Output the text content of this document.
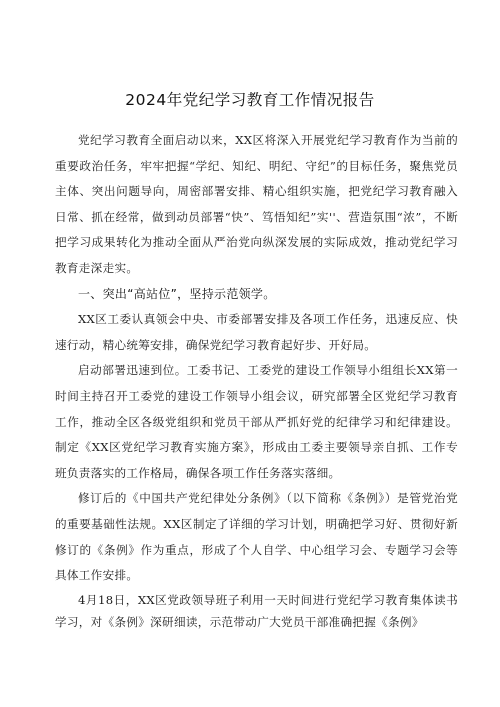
2024年党纪学习教育工作情况报告

党纪学习教育全面启动以来，XX区将深入开展党纪学习教育作为当前的重要政治任务，牢牢把握“学纪、知纪、明纪、守纪”的目标任务，聚焦党员主体、突出问题导向，周密部署安排、精心组织实施，把党纪学习教育融入日常、抓在经常，做到动员部署“快”、笃悟知纪”实''、营造氛围“浓”，不断把学习成果转化为推动全面从严治党向纵深发展的实际成效，推动党纪学习教育走深走实。

一、突出“高站位”，坚持示范领学。

XX区工委认真领会中央、市委部署安排及各项工作任务，迅速反应、快速行动，精心统筹安排，确保党纪学习教育起好步、开好局。

启动部署迅速到位。工委书记、工委党的建设工作领导小组组长XX第一时间主持召开工委党的建设工作领导小组会议，研究部署全区党纪学习教育工作，推动全区各级党组织和党员干部从严抓好党的纪律学习和纪律建设。制定《XX区党纪学习教育实施方案》，形成由工委主要领导亲自抓、工作专班负责落实的工作格局，确保各项工作任务落实落细。

修订后的《中国共产党纪律处分条例》（以下简称《条例》）是管党治党的重要基础性法规。XX区制定了详细的学习计划，明确把学习好、贯彻好新修订的《条例》作为重点，形成了个人自学、中心组学习会、专题学习会等具体工作安排。

4月18日，XX区党政领导班子利用一天时间进行党纪学习教育集体读书学习，对《条例》深研细读，示范带动广大党员干部准确把握《条例》
